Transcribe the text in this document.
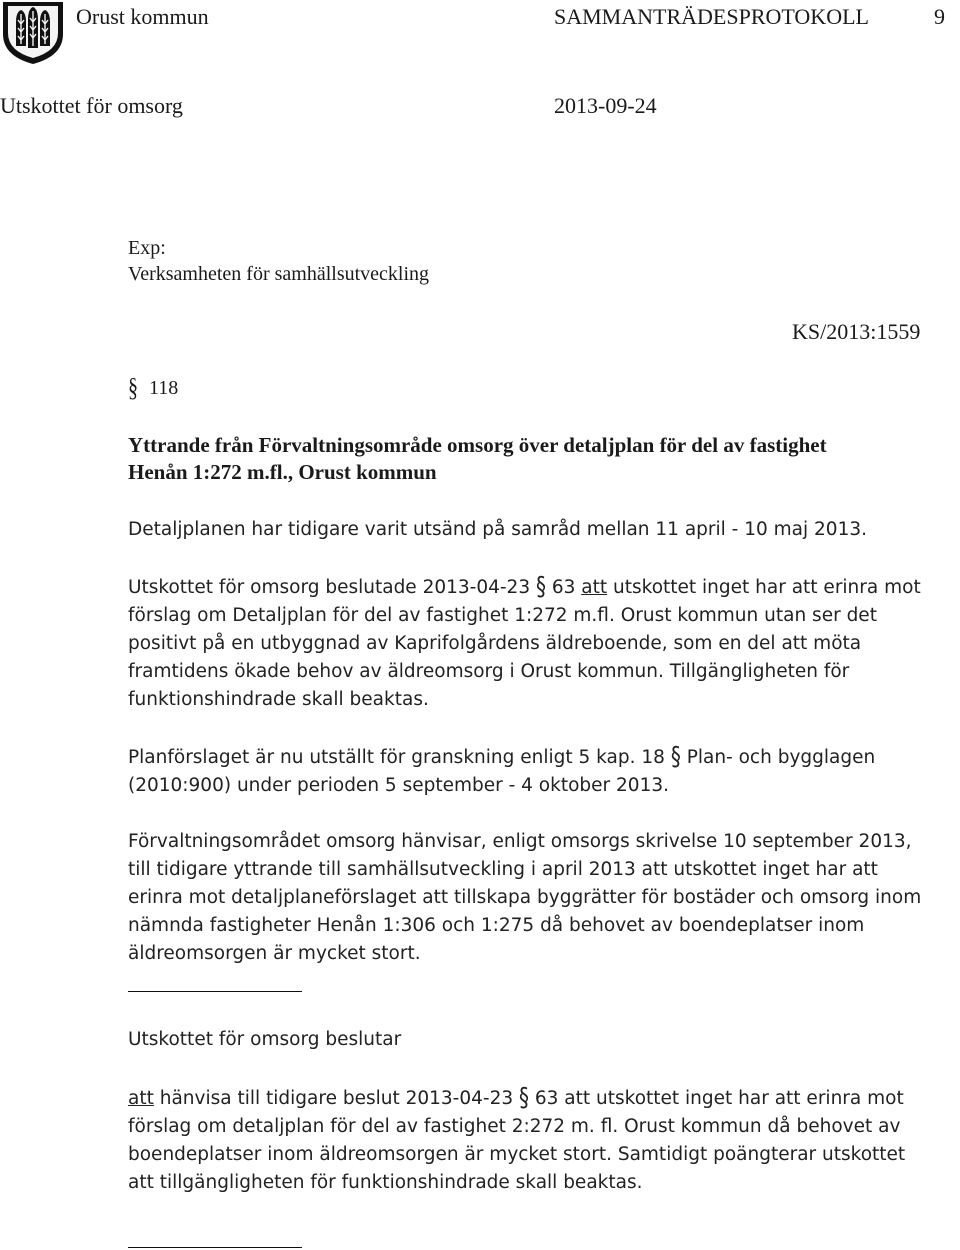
Orust kommun	SAMMANTRÄDESPROTOKOLL	9
Utskottet för omsorg	2013-09-24
Exp:
Verksamheten för samhällsutveckling
KS/2013:1559
§ 118
Yttrande från Förvaltningsområde omsorg över detaljplan för del av fastighet
Henån 1:272 m.fl., Orust kommun
Detaljplanen har tidigare varit utsänd på samråd mellan 11 april - 10 maj 2013.
Utskottet för omsorg beslutade 2013-04-23 § 63 att utskottet inget har att erinra mot
förslag om Detaljplan för del av fastighet 1:272 m.fl. Orust kommun utan ser det
positivt på en utbyggnad av Kaprifolgårdens äldreboende, som en del att möta
framtidens ökade behov av äldreomsorg i Orust kommun. Tillgängligheten för
funktionshindrade skall beaktas.
Planförslaget är nu utställt för granskning enligt 5 kap. 18 § Plan- och bygglagen
(2010:900) under perioden 5 september - 4 oktober 2013.
Förvaltningsområdet omsorg hänvisar, enligt omsorgs skrivelse 10 september 2013,
till tidigare yttrande till samhällsutveckling i april 2013 att utskottet inget har att
erinra mot detaljplaneförslaget att tillskapa byggrätter för bostäder och omsorg inom
nämnda fastigheter Henån 1:306 och 1:275 då behovet av boendeplatser inom
äldreomsorgen är mycket stort.
Utskottet för omsorg beslutar
att hänvisa till tidigare beslut 2013-04-23 § 63 att utskottet inget har att erinra mot
förslag om detaljplan för del av fastighet 2:272 m. fl. Orust kommun då behovet av
boendeplatser inom äldreomsorgen är mycket stort. Samtidigt poängterar utskottet
att tillgängligheten för funktionshindrade skall beaktas.
